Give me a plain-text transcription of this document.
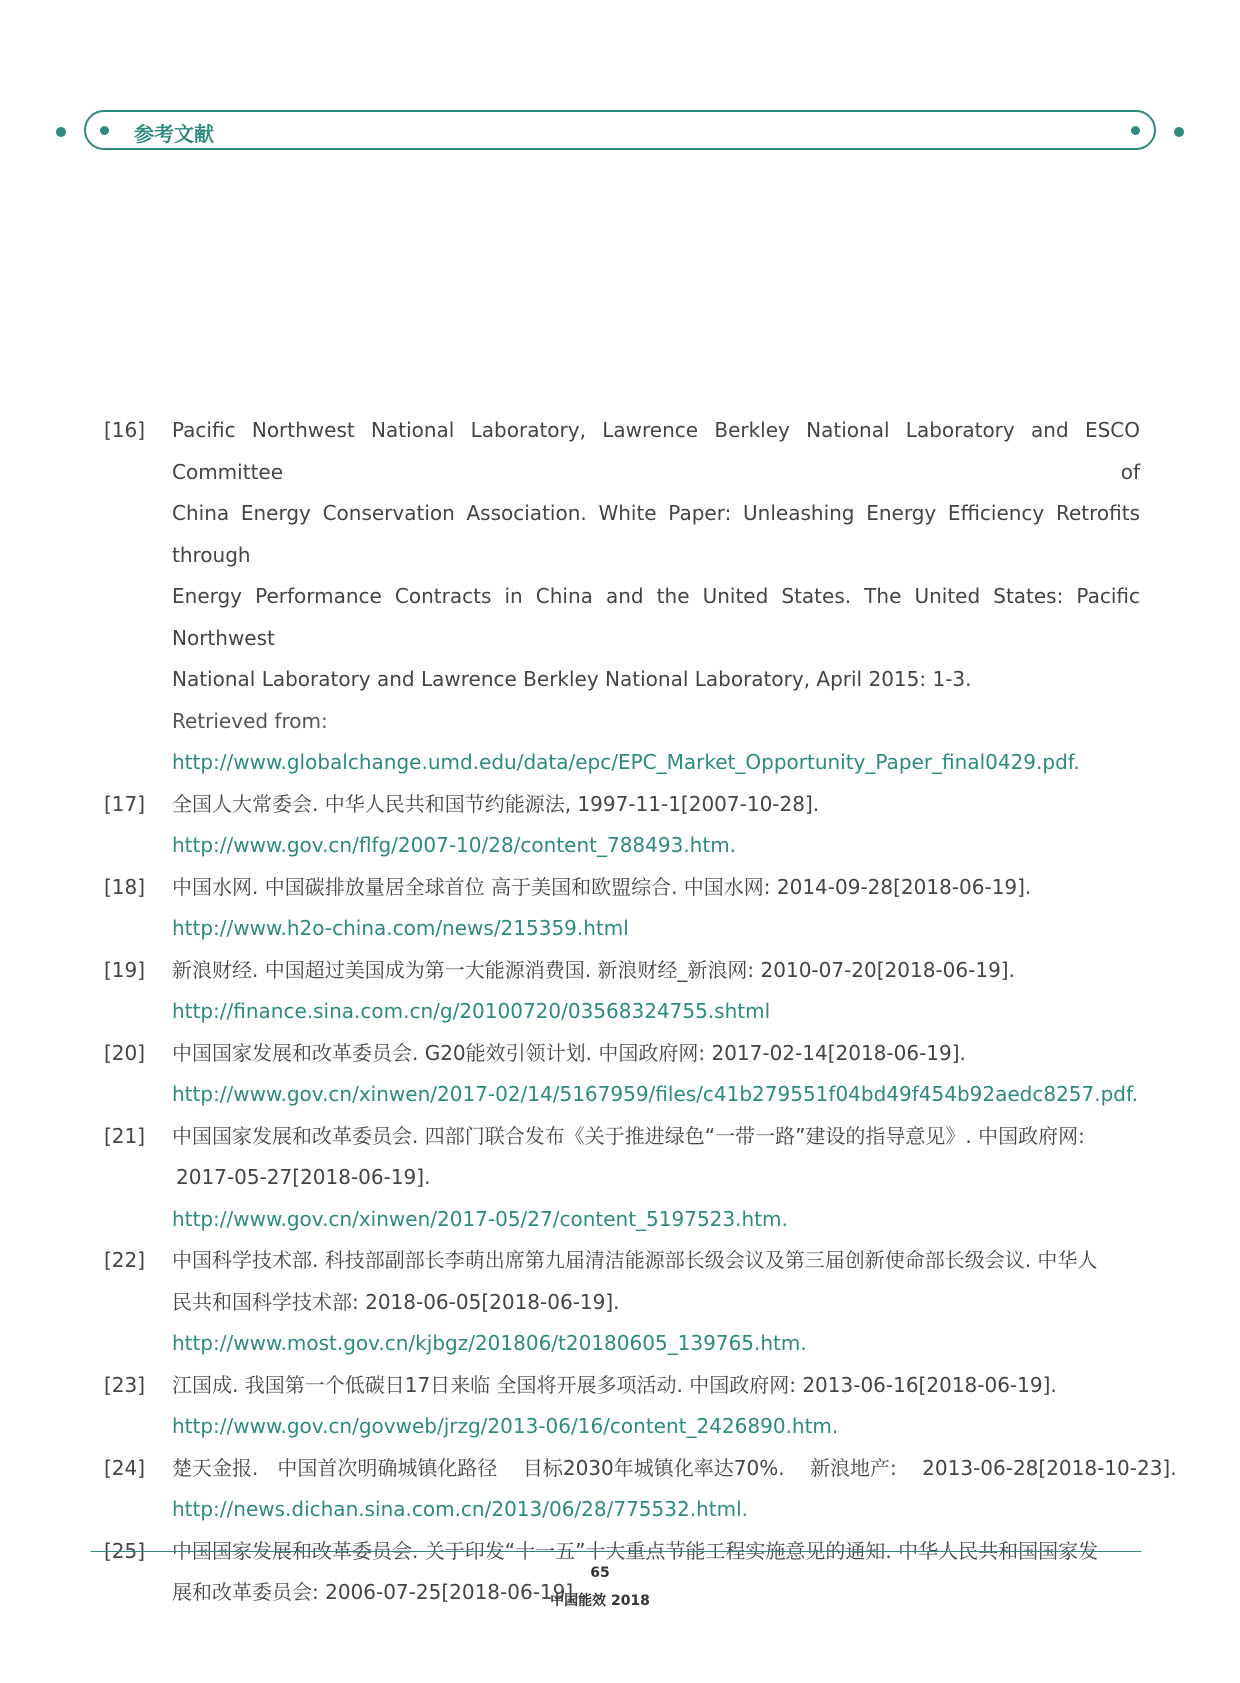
参考文献
[16]	Pacific Northwest National Laboratory, Lawrence Berkley National Laboratory and ESCO Committee of
China Energy Conservation Association. White Paper: Unleashing Energy Efficiency Retrofits through
Energy Performance Contracts in China and the United States. The United States: Pacific Northwest
National Laboratory and Lawrence Berkley National Laboratory, April 2015: 1-3.
Retrieved from:
http://www.globalchange.umd.edu/data/epc/EPC_Market_Opportunity_Paper_final0429.pdf.
[17]	全国人大常委会. 中华人民共和国节约能源法, 1997-11-1[2007-10-28].
http://www.gov.cn/flfg/2007-10/28/content_788493.htm.
[18]	中国水网. 中国碳排放量居全球首位 高于美国和欧盟综合. 中国水网: 2014-09-28[2018-06-19].
http://www.h2o-china.com/news/215359.html
[19]	新浪财经. 中国超过美国成为第一大能源消费国. 新浪财经_新浪网: 2010-07-20[2018-06-19].
http://finance.sina.com.cn/g/20100720/03568324755.shtml
[20]	中国国家发展和改革委员会. G20能效引领计划. 中国政府网: 2017-02-14[2018-06-19].
http://www.gov.cn/xinwen/2017-02/14/5167959/files/c41b279551f04bd49f454b92aedc8257.pdf.
[21]	中国国家发展和改革委员会. 四部门联合发布《关于推进绿色“一带一路”建设的指导意见》. 中国政府网:
2017-05-27[2018-06-19].
http://www.gov.cn/xinwen/2017-05/27/content_5197523.htm.
[22]	中国科学技术部. 科技部副部长李萌出席第九届清洁能源部长级会议及第三届创新使命部长级会议. 中华人
民共和国科学技术部: 2018-06-05[2018-06-19].
http://www.most.gov.cn/kjbgz/201806/t20180605_139765.htm.
[23]	江国成. 我国第一个低碳日17日来临 全国将开展多项活动. 中国政府网: 2013-06-16[2018-06-19].
http://www.gov.cn/govweb/jrzg/2013-06/16/content_2426890.htm.
[24]	楚天金报.   中国首次明确城镇化路径    目标2030年城镇化率达70%.    新浪地产:    2013-06-28[2018-10-23].
http://news.dichan.sina.com.cn/2013/06/28/775532.html.
[25]	中国国家发展和改革委员会. 关于印发“十一五”十大重点节能工程实施意见的通知. 中华人民共和国国家发
展和改革委员会: 2006-07-25[2018-06-19].
65
中国能效 2018
